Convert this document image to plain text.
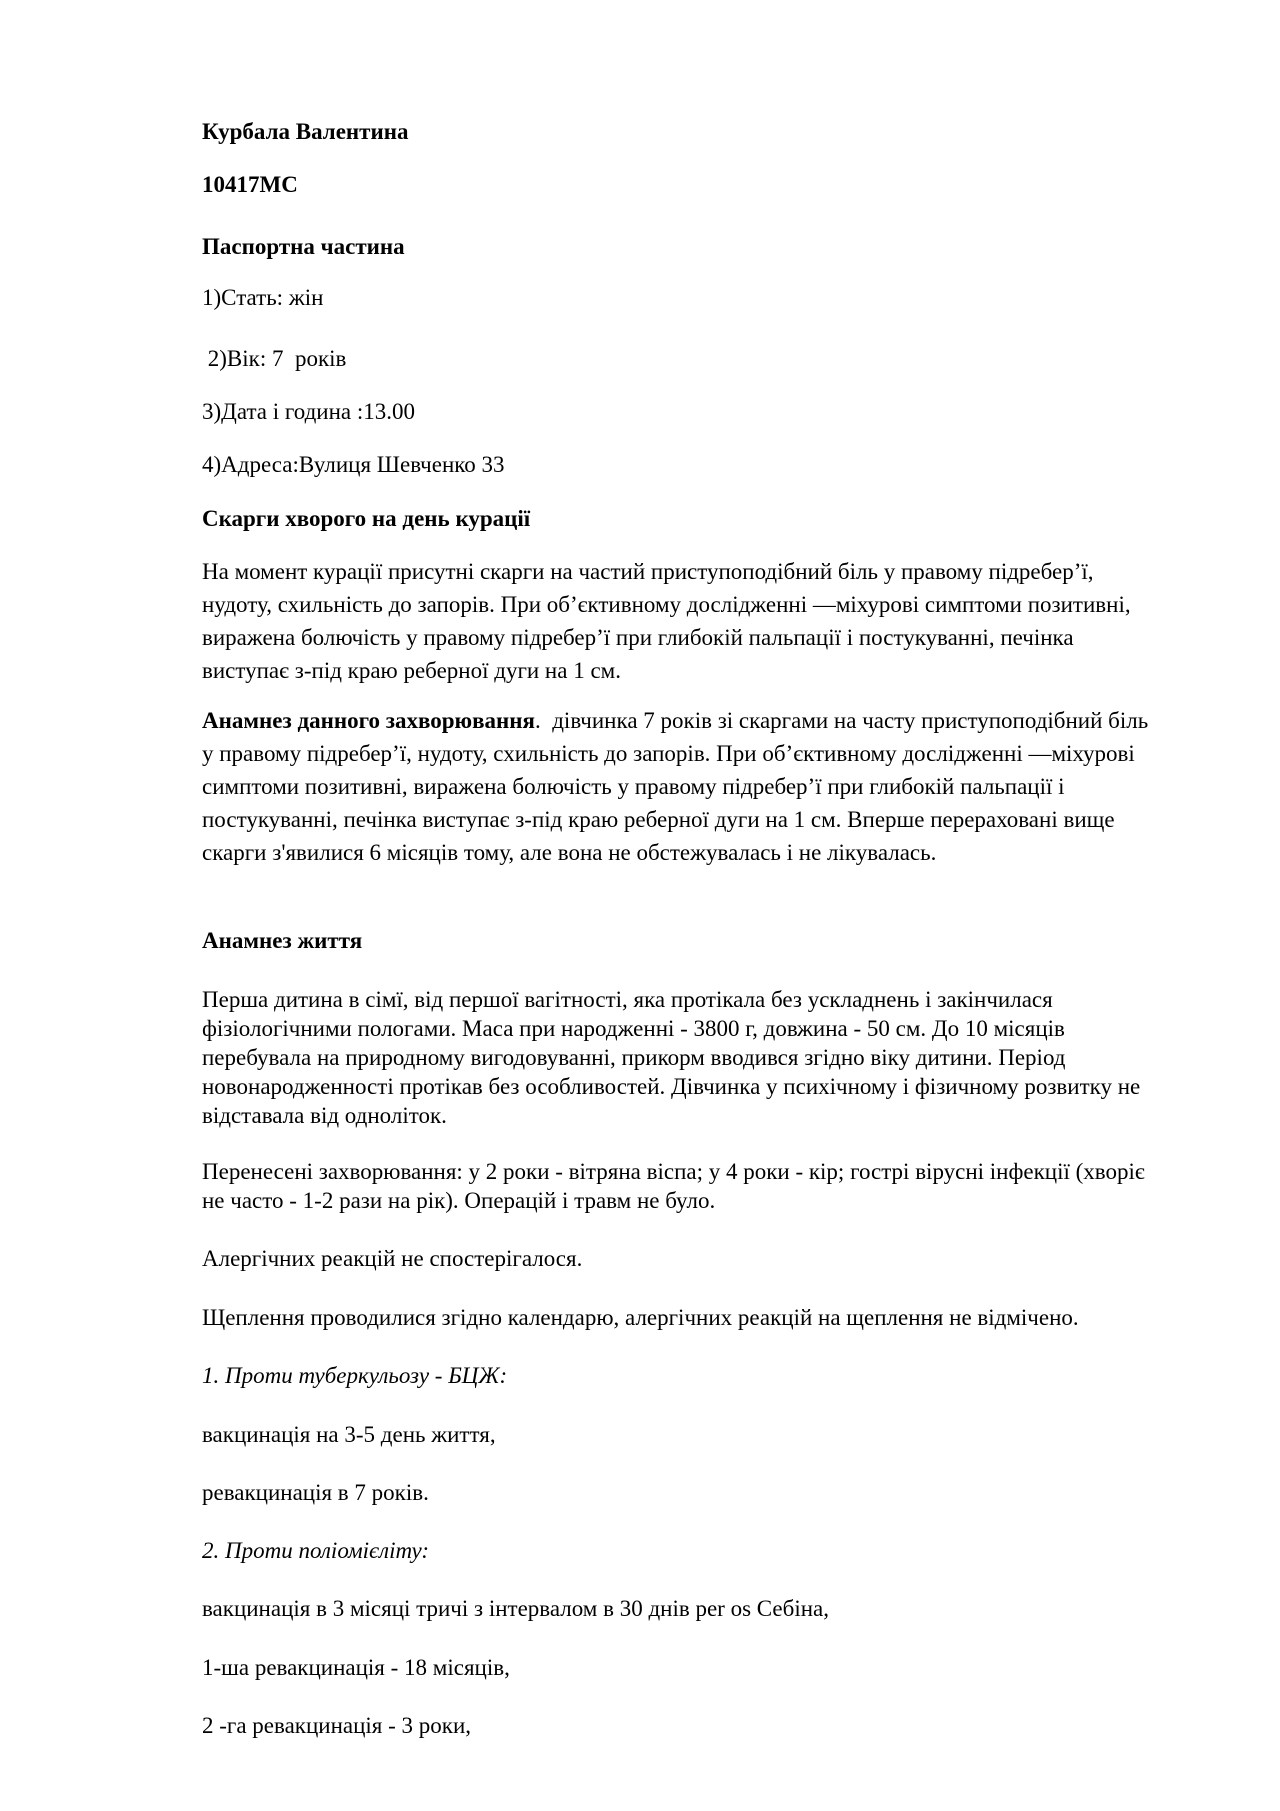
Курбала Валентина
10417МС
Паспортна частина
1)Стать: жін
2)Вік: 7  років
3)Дата і година :13.00
4)Адреса:Вулиця Шевченко 33
Скарги хворого на день курації
На момент курації присутні скарги на частий приступоподібний біль у правому підребер’ї, нудоту, схильність до запорів. При об’єктивному дослідженні —міхурові симптоми позитивні, виражена болючість у правому підребер’ї при глибокій пальпації і постукуванні, печінка виступає з-під краю реберної дуги на 1 см.
Анамнез данного захворювання.  дівчинка 7 років зі скаргами на часту приступоподібний біль у правому підребер’ї, нудоту, схильність до запорів. При об’єктивному дослідженні —міхурові симптоми позитивні, виражена болючість у правому підребер’ї при глибокій пальпації і постукуванні, печінка виступає з-під краю реберної дуги на 1 см. Вперше перераховані вище скарги з'явилися 6 місяців тому, але вона не обстежувалась і не лікувалась.
Анамнез життя
Перша дитина в сімї, від першої вагітності, яка протікала без ускладнень і закінчилася фізіологічними пологами. Маса при народженні - 3800 г, довжина - 50 см. До 10 місяців перебувала на природному вигодовуванні, прикорм вводився згідно віку дитини. Період новонародженності протікав без особливостей. Дівчинка у психічному і фізичному розвитку не відставала від одноліток.
Перенесені захворювання: у 2 роки - вітряна віспа; у 4 роки - кір; гострі вірусні інфекції (хворіє не часто - 1-2 рази на рік). Операцій і травм не було.
Алергічних реакцій не спостерігалося.
Щеплення проводилися згідно календарю, алергічних реакцій на щеплення не відмічено.
1. Проти туберкульозу - БЦЖ:
вакцинація на 3-5 день життя,
ревакцинація в 7 років.
2. Проти поліомієліту:
вакцинація в 3 місяці тричі з інтервалом в 30 днів per os Себіна,
1-ша ревакцинація - 18 місяців,
2 -га ревакцинація - 3 роки,
